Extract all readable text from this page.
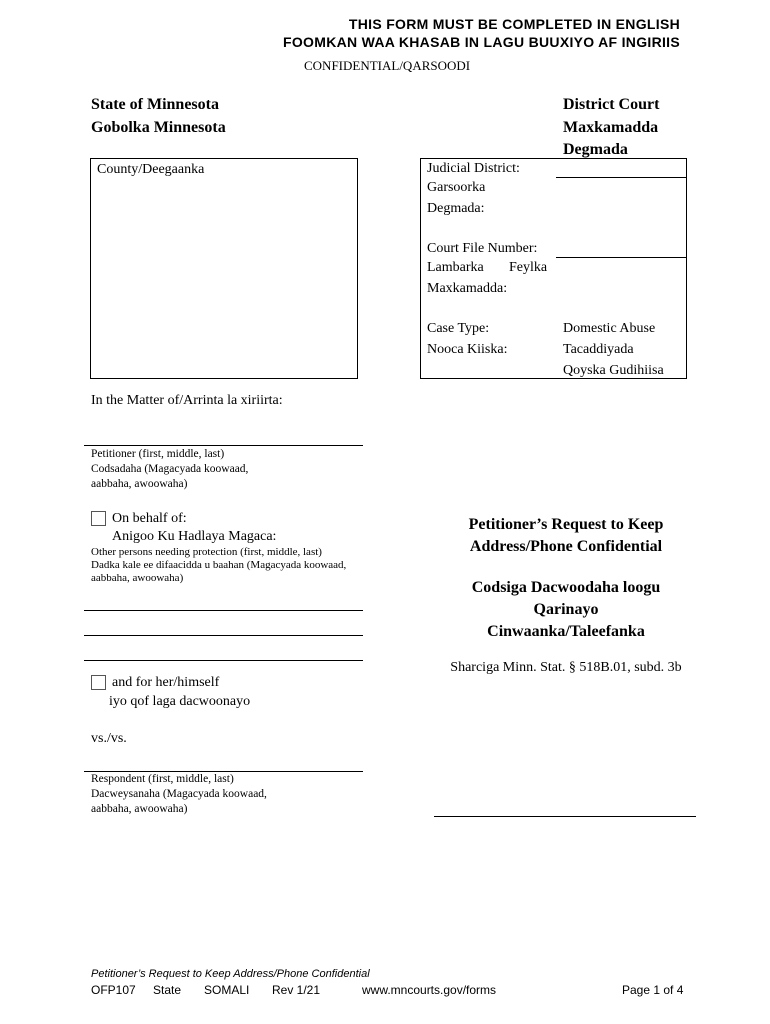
THIS FORM MUST BE COMPLETED IN ENGLISH
FOOMKAN WAA KHASAB IN LAGU BUUXIYO AF INGIRIIS
CONFIDENTIAL/QARSOODI
State of Minnesota
Gobolka Minnesota
District Court
Maxkamadda
Degmada
County/Deegaanka	Judicial District:
Garsoorka
Degmada:
Court File Number:
Lambarka Feylka
Maxkamadda:
Case Type:
Nooca Kiiska:
Domestic Abuse
Tacaddiyada
Qoyska Gudihiisa
In the Matter of/Arrinta la xiriirta:
Petitioner (first, middle, last)
Codsadaha (Magacyada koowaad,
aabbaha, awoowaha)
On behalf of:
Anigoo Ku Hadlaya Magaca:
Other persons needing protection (first, middle, last)
Dadka kale ee difaacidda u baahan (Magacyada koowaad,
aabbaha, awoowaha)
and for her/himself
iyo qof laga dacwoonayo
vs./vs.
Respondent (first, middle, last)
Dacweysanaha (Magacyada koowaad,
aabbaha, awoowaha)
Petitioner’s Request to Keep
Address/Phone Confidential
Codsiga Dacwoodaha loogu
Qarinayo
Cinwaanka/Taleefanka
Sharciga Minn. Stat. § 518B.01, subd. 3b
Petitioner’s Request to Keep Address/Phone Confidential
OFP107 State SOMALI Rev 1/21	www.mncourts.gov/forms	Page 1 of 4
